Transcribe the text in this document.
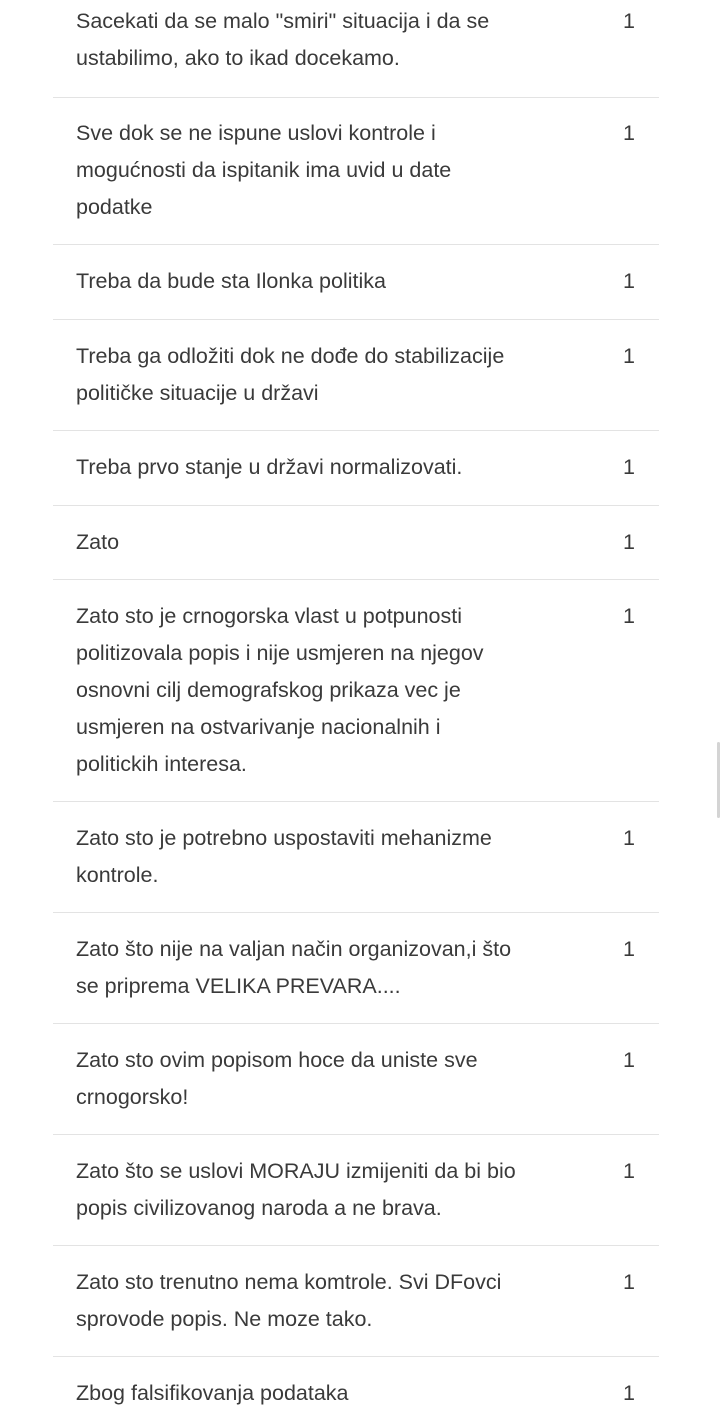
Sacekati da se malo "smiri" situacija i da se
ustabilimo, ako to ikad docekamo.
1
Sve dok se ne ispune uslovi kontrole i
mogućnosti da ispitanik ima uvid u date
podatke
1
Treba da bude sta Ilonka politika	1
Treba ga odložiti dok ne dođe do stabilizacije
političke situacije u državi
1
Treba prvo stanje u državi normalizovati.	1
Zato	1
Zato sto je crnogorska vlast u potpunosti
politizovala popis i nije usmjeren na njegov
osnovni cilj demografskog prikaza vec je
usmjeren na ostvarivanje nacionalnih i
politickih interesa.
1
Zato sto je potrebno uspostaviti mehanizme
kontrole.
1
Zato što nije na valjan način organizovan,i što
se priprema VELIKA PREVARA....
1
Zato sto ovim popisom hoce da uniste sve
crnogorsko!
1
Zato što se uslovi MORAJU izmijeniti da bi bio
popis civilizovanog naroda a ne brava.
1
Zato sto trenutno nema komtrole. Svi DFovci
sprovode popis. Ne moze tako.
1
Zbog falsifikovanja podataka	1
